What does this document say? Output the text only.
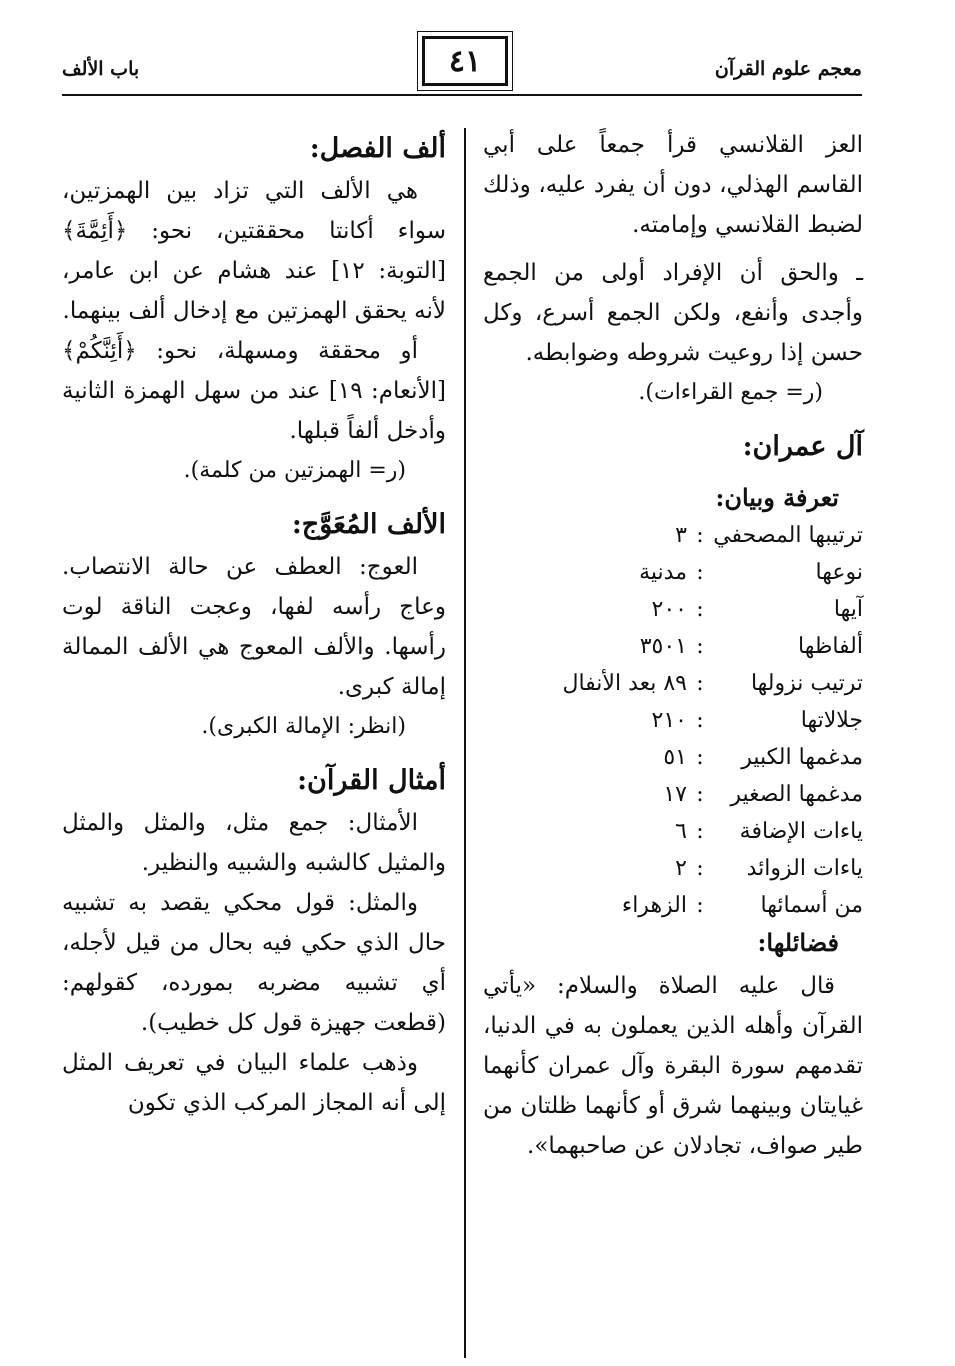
معجم علوم القرآن
٤١
باب الألف

العز القلانسي قرأ جمعاً على أبي القاسم الهذلي، دون أن يفرد عليه، وذلك لضبط القلانسي وإمامته.

ـ والحق أن الإفراد أولى من الجمع وأجدى وأنفع، ولكن الجمع أسرع، وكل حسن إذا روعيت شروطه وضوابطه.

(ر= جمع القراءات).

آل عمران:
تعرفة وبيان:
ترتيبها المصحفي	:	٣
نوعها	:	مدنية
آيها	:	٢٠٠
ألفاظها	:	٣٥٠١
ترتيب نزولها	:	٨٩ بعد الأنفال
جلالاتها	:	٢١٠
مدغمها الكبير	:	٥١
مدغمها الصغير	:	١٧
ياءات الإضافة	:	٦
ياءات الزوائد	:	٢
من أسمائها	:	الزهراء
فضائلها:

قال عليه الصلاة والسلام: «يأتي القرآن وأهله الذين يعملون به في الدنيا، تقدمهم سورة البقرة وآل عمران كأنهما غيايتان وبينهما شرق أو كأنهما ظلتان من طير صواف، تجادلان عن صاحبهما».

ألف الفصل:

هي الألف التي تزاد بين الهمزتين، سواء أكانتا محققتين، نحو: ﴿أَئِمَّةَ﴾ [التوبة: ١٢] عند هشام عن ابن عامر، لأنه يحقق الهمزتين مع إدخال ألف بينهما.

أو محققة ومسهلة، نحو: ﴿أَئِنَّكُمْ﴾ [الأنعام: ١٩] عند من سهل الهمزة الثانية وأدخل ألفاً قبلها.

(ر= الهمزتين من كلمة).

الألف المُعَوَّج:

العوج: العطف عن حالة الانتصاب. وعاج رأسه لفها، وعجت الناقة لوت رأسها. والألف المعوج هي الألف الممالة إمالة كبرى.

(انظر: الإمالة الكبرى).

أمثال القرآن:

الأمثال: جمع مثل، والمثل والمثل والمثيل كالشبه والشبيه والنظير.

والمثل: قول محكي يقصد به تشبيه حال الذي حكي فيه بحال من قيل لأجله، أي تشبيه مضربه بمورده، كقولهم: (قطعت جهيزة قول كل خطيب).

وذهب علماء البيان في تعريف المثل إلى أنه المجاز المركب الذي تكون
